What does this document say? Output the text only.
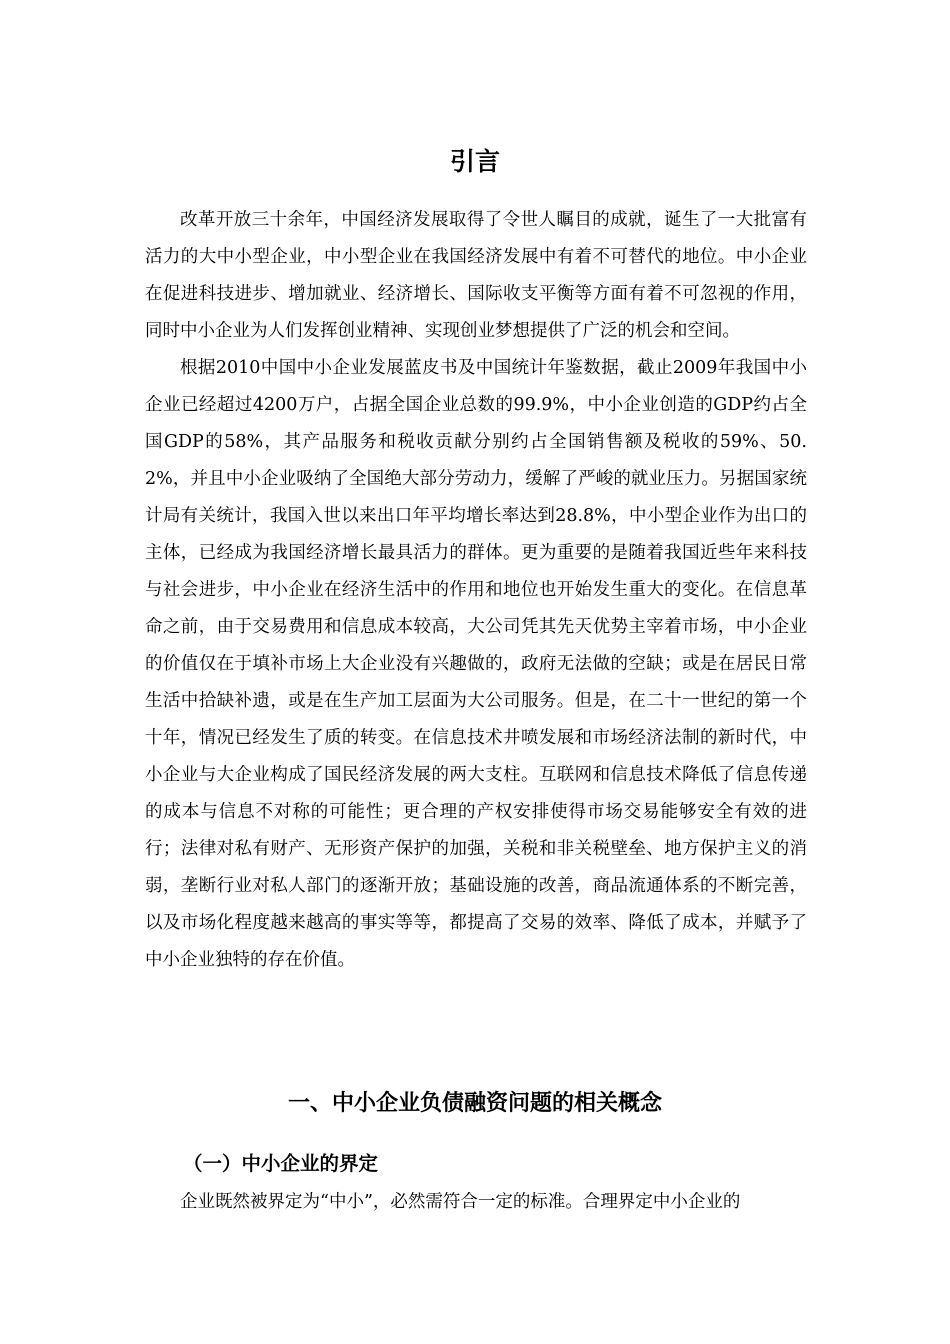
引言

改革开放三十余年，中国经济发展取得了令世人瞩目的成就，诞生了一大批富有活力的大中小型企业，中小型企业在我国经济发展中有着不可替代的地位。中小企业在促进科技进步、增加就业、经济增长、国际收支平衡等方面有着不可忽视的作用，同时中小企业为人们发挥创业精神、实现创业梦想提供了广泛的机会和空间。

根据2010中国中小企业发展蓝皮书及中国统计年鉴数据，截止2009年我国中小企业已经超过4200万户，占据全国企业总数的99.9%，中小企业创造的GDP约占全国GDP的58%，其产品服务和税收贡献分别约占全国销售额及税收的59%、50.2%，并且中小企业吸纳了全国绝大部分劳动力，缓解了严峻的就业压力。另据国家统计局有关统计，我国入世以来出口年平均增长率达到28.8%，中小型企业作为出口的主体，已经成为我国经济增长最具活力的群体。更为重要的是随着我国近些年来科技与社会进步，中小企业在经济生活中的作用和地位也开始发生重大的变化。在信息革命之前，由于交易费用和信息成本较高，大公司凭其先天优势主宰着市场，中小企业的价值仅在于填补市场上大企业没有兴趣做的，政府无法做的空缺；或是在居民日常生活中拾缺补遗，或是在生产加工层面为大公司服务。但是，在二十一世纪的第一个十年，情况已经发生了质的转变。在信息技术井喷发展和市场经济法制的新时代，中小企业与大企业构成了国民经济发展的两大支柱。互联网和信息技术降低了信息传递的成本与信息不对称的可能性；更合理的产权安排使得市场交易能够安全有效的进行；法律对私有财产、无形资产保护的加强，关税和非关税壁垒、地方保护主义的消弱，垄断行业对私人部门的逐渐开放；基础设施的改善，商品流通体系的不断完善，以及市场化程度越来越高的事实等等，都提高了交易的效率、降低了成本，并赋予了中小企业独特的存在价值。

一、中小企业负债融资问题的相关概念
（一）中小企业的界定

企业既然被界定为“中小”，必然需符合一定的标准。合理界定中小企业的
